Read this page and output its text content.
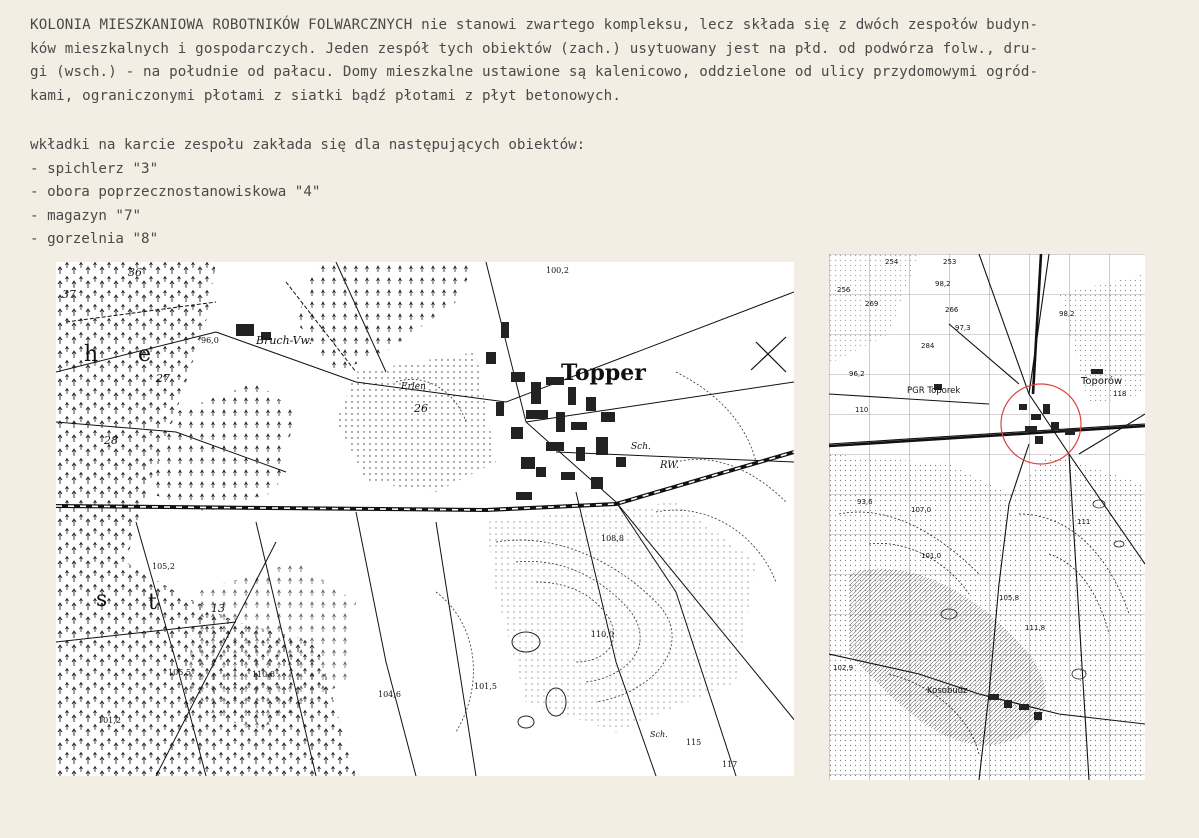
KOLONIA MIESZKANIOWA ROBOTNIKÓW FOLWARCZNYCH nie stanowi zwartego kompleksu, lecz składa się z dwóch zespołów budyn-

ków mieszkalnych i gospodarczych. Jeden zespół tych obiektów (zach.) usytuowany jest na płd. od podwórza folw., dru-

gi (wsch.) - na południe od pałacu. Domy mieszkalne ustawione są kalenicowo, oddzielone od ulicy przydomowymi ogród-

kami, ograniczonymi płotami z siatki bądź płotami z płyt betonowych.

wkładki na karcie zespołu zakłada się dla następujących obiektów:
- spichlerz "3"
- obora poprzecznostanowiskowa "4"
- magazyn "7"
- gorzelnia "8"
Topper
Bruch-Vw.
h e
s t
36
37
27
28
26
13
Erlen
Sch.
RW.
100,2
96,0
108,8
110,0
101,5
104,6
106,5	110,8
105,2
101,2
115
117
Sch.
Toporów
PGR Toporek
Kosobudz
254	253
256
269
266
284
98,2
97,3
98,2
96,2
118
110
93,6
107,0
101,0
105,8
102,9
111
111,8
